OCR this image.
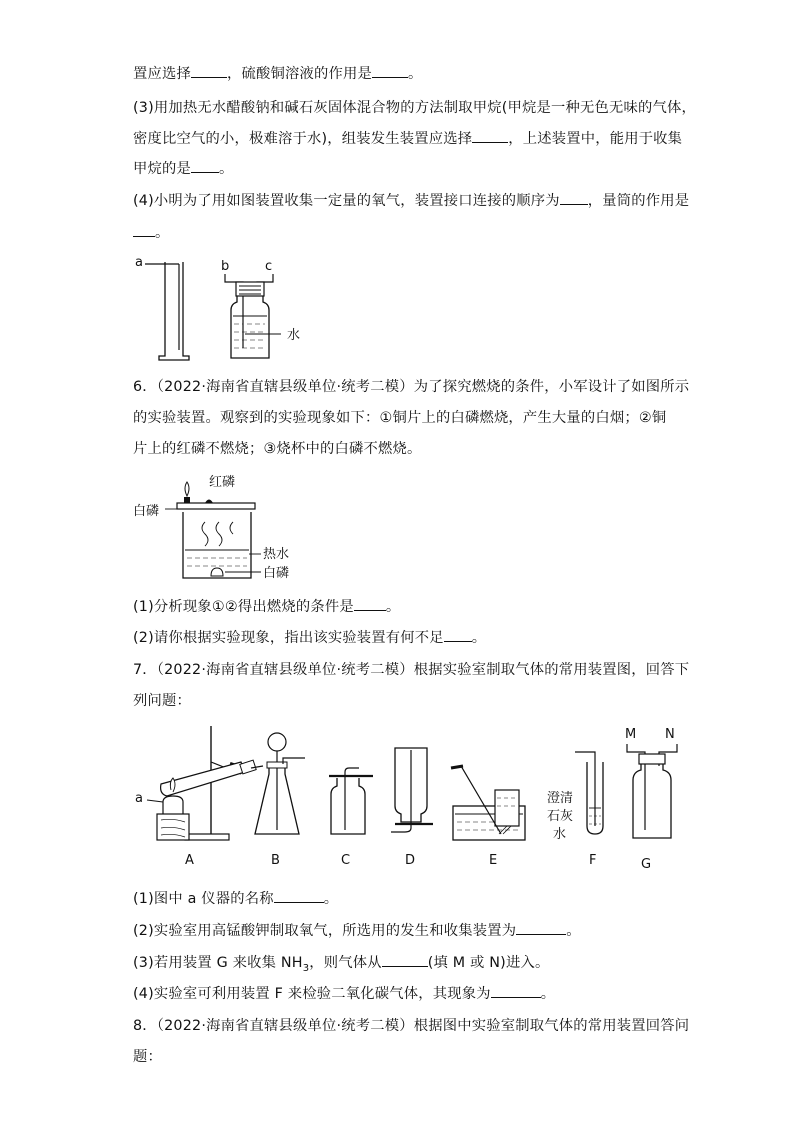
置应选择	，硫酸铜溶液的作用是	。
(3)用加热无水醋酸钠和碱石灰固体混合物的方法制取甲烷(甲烷是一种无色无味的气体，
密度比空气的小，极难溶于水)，组装发生装置应选择	，上述装置中，能用于收集
甲烷的是 。
(4)小明为了用如图装置收集一定量的氧气，装置接口连接的顺序为 ，量筒的作用是
。
a	b	c
水
6．（2022·海南省直辖县级单位·统考二模）为了探究燃烧的条件，小军设计了如图所示
的实验装置。观察到的实验现象如下：①铜片上的白磷燃烧，产生大量的白烟；②铜
片上的红磷不燃烧；③烧杯中的白磷不燃烧。
红磷
白磷
热水
白磷
(1)分析现象①②得出燃烧的条件是 。
(2)请你根据实验现象，指出该实验装置有何不足 。
7．（2022·海南省直辖县级单位·统考二模）根据实验室制取气体的常用装置图，回答下
列问题：
a
A	B	C	D	E
澄清
石灰
水
F
M N
G
(1)图中 a 仪器的名称	。
(2)实验室用高锰酸钾制取氧气，所选用的发生和收集装置为	。
(3)若用装置 G 来收集 $NH_3$，则气体从	(填 M 或 N)进入。
(4)实验室可利用装置 F 来检验二氧化碳气体，其现象为	。
8．（2022·海南省直辖县级单位·统考二模）根据图中实验室制取气体的常用装置回答问
题：
